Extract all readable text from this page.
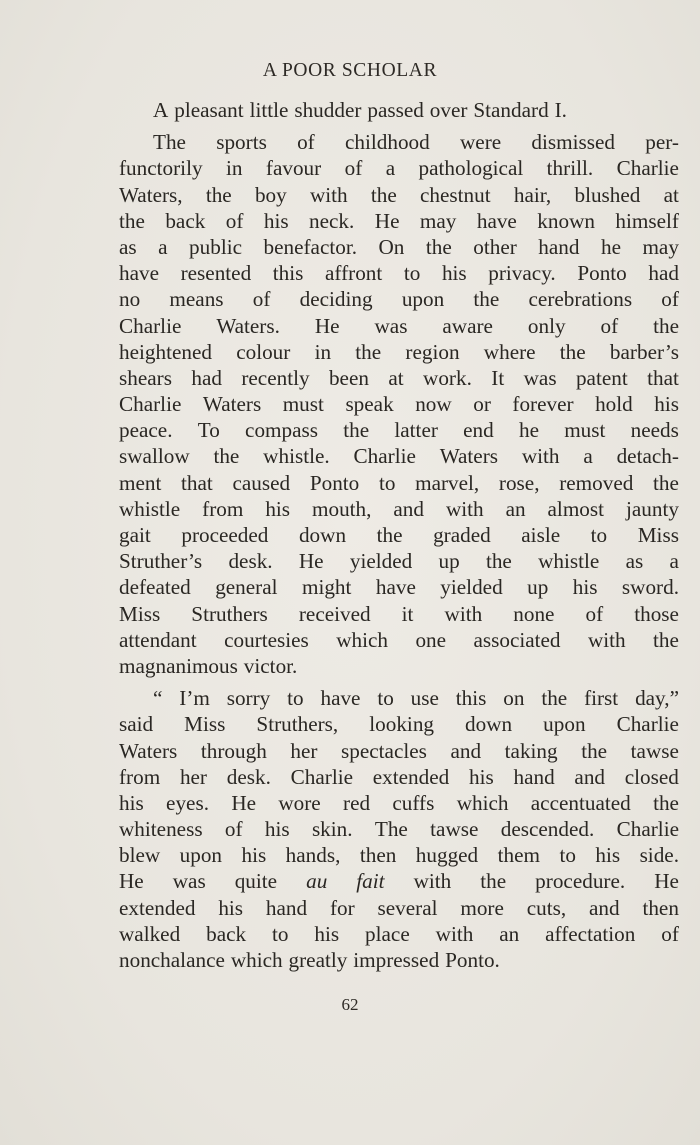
A POOR SCHOLAR
A pleasant little shudder passed over Standard I.
The sports of childhood were dismissed per-
functorily in favour of a pathological thrill. Charlie
Waters, the boy with the chestnut hair, blushed at
the back of his neck. He may have known himself
as a public benefactor. On the other hand he may
have resented this affront to his privacy. Ponto had
no means of deciding upon the cerebrations of
Charlie Waters. He was aware only of the
heightened colour in the region where the barber’s
shears had recently been at work. It was patent that
Charlie Waters must speak now or forever hold his
peace. To compass the latter end he must needs
swallow the whistle. Charlie Waters with a detach-
ment that caused Ponto to marvel, rose, removed the
whistle from his mouth, and with an almost jaunty
gait proceeded down the graded aisle to Miss
Struther’s desk. He yielded up the whistle as a
defeated general might have yielded up his sword.
Miss Struthers received it with none of those
attendant courtesies which one associated with the
magnanimous victor.
“ I’m sorry to have to use this on the first day,”
said Miss Struthers, looking down upon Charlie
Waters through her spectacles and taking the tawse
from her desk. Charlie extended his hand and closed
his eyes. He wore red cuffs which accentuated the
whiteness of his skin. The tawse descended. Charlie
blew upon his hands, then hugged them to his side.
He was quite au fait with the procedure. He
extended his hand for several more cuts, and then
walked back to his place with an affectation of
nonchalance which greatly impressed Ponto.
62
